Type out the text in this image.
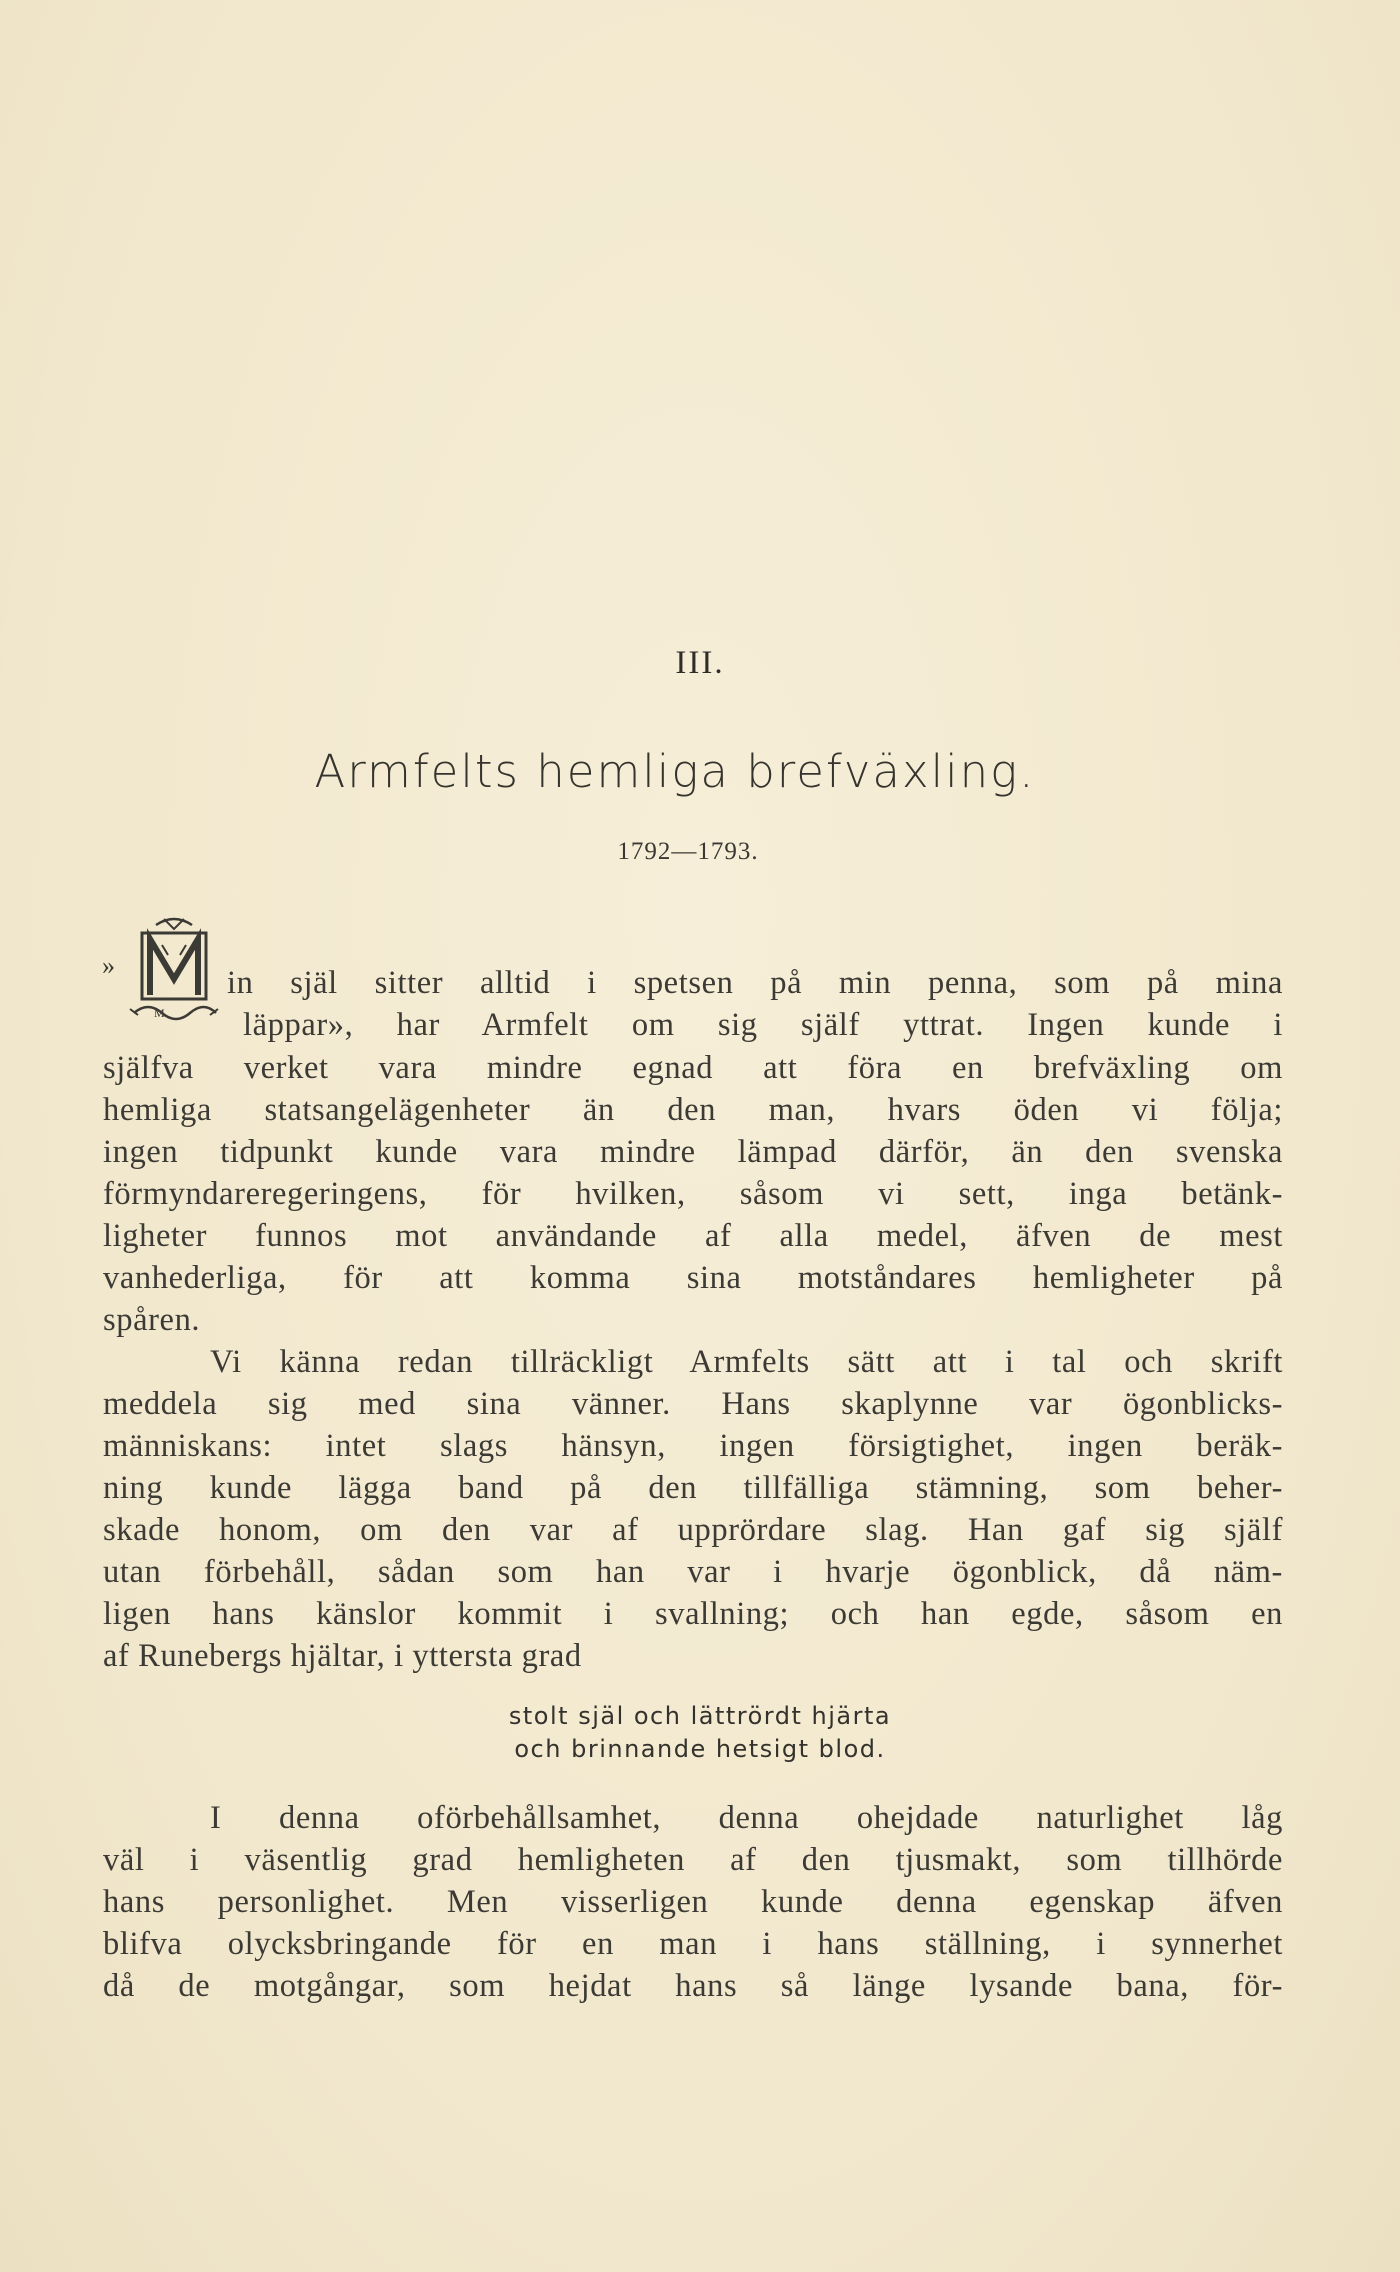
III.
Armfelts hemliga brefväxling.
1792—1793.
»
M

in själ sitter alltid i spetsen på min penna, som på mina

läppar», har Armfelt om sig själf yttrat. Ingen kunde i

själfva verket vara mindre egnad att föra en brefväxling om

hemliga statsangelägenheter än den man, hvars öden vi följa;

ingen tidpunkt kunde vara mindre lämpad därför, än den svenska

förmyndareregeringens, för hvilken, såsom vi sett, inga betänk-

ligheter funnos mot användande af alla medel, äfven de mest

vanhederliga, för att komma sina motståndares hemligheter på

spåren.

Vi känna redan tillräckligt Armfelts sätt att i tal och skrift

meddela sig med sina vänner. Hans skaplynne var ögonblicks-

människans: intet slags hänsyn, ingen försigtighet, ingen beräk-

ning kunde lägga band på den tillfälliga stämning, som beher-

skade honom, om den var af upprördare slag. Han gaf sig själf

utan förbehåll, sådan som han var i hvarje ögonblick, då näm-

ligen hans känslor kommit i svallning; och han egde, såsom en

af Runebergs hjältar, i yttersta grad

stolt själ och lättrördt hjärta
och brinnande hetsigt blod.

I denna oförbehållsamhet, denna ohejdade naturlighet låg

väl i väsentlig grad hemligheten af den tjusmakt, som tillhörde

hans personlighet. Men visserligen kunde denna egenskap äfven

blifva olycksbringande för en man i hans ställning, i synnerhet

då de motgångar, som hejdat hans så länge lysande bana, för-
